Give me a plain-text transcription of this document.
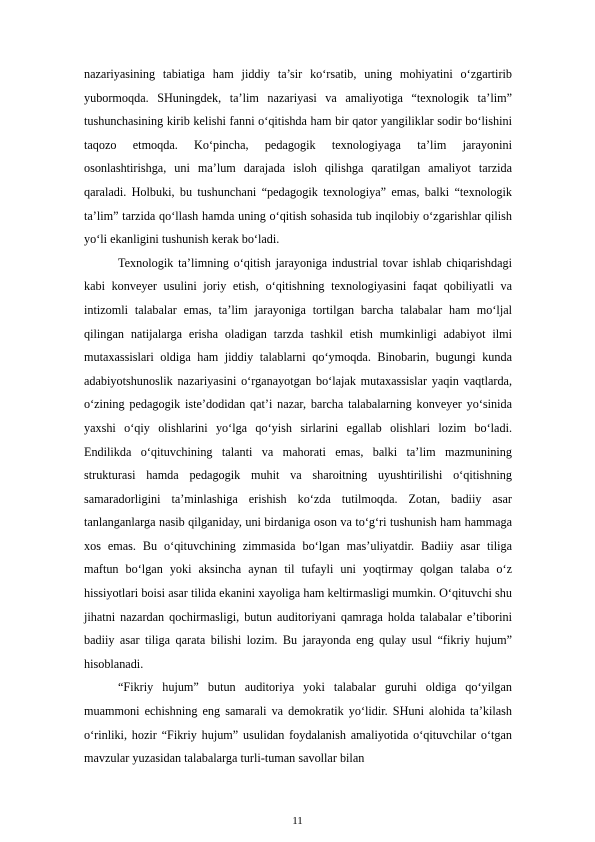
nazariyasining tabiatiga ham jiddiy ta’sir ko‘rsatib, uning mohiyatini o‘zgartirib yubormoqda. SHuningdek, ta’lim nazariyasi va amaliyotiga “texnologik ta’lim” tushunchasining kirib kelishi fanni o‘qitishda ham bir qator yangiliklar sodir bo‘lishini taqozo etmoqda. Ko‘pincha, pedagogik texnologiyaga ta’lim jarayonini osonlashtirishga, uni ma’lum darajada isloh qilishga qaratilgan amaliyot tarzida qaraladi. Holbuki, bu tushunchani “pedagogik texnologiya” emas, balki “texnologik ta’lim” tarzida qo‘llash hamda uning o‘qitish sohasida tub inqilobiy o‘zgarishlar qilish yo‘li ekanligini tushunish kerak bo‘ladi.

Texnologik ta’limning o‘qitish jarayoniga industrial tovar ishlab chiqarishdagi kabi konveyer usulini joriy etish, o‘qitishning texnologiyasini faqat qobiliyatli va intizomli talabalar emas, ta’lim jarayoniga tortilgan barcha talabalar ham mo‘ljal qilingan natijalarga erisha oladigan tarzda tashkil etish mumkinligi adabiyot ilmi mutaxassislari oldiga ham jiddiy talablarni qo‘ymoqda. Binobarin, bugungi kunda adabiyotshunoslik nazariyasini o‘rganayotgan bo‘lajak mutaxassislar yaqin vaqtlarda, o‘zining pedagogik iste’dodidan qat’i nazar, barcha talabalarning konveyer yo‘sinida yaxshi o‘qiy olishlarini yo‘lga qo‘yish sirlarini egallab olishlari lozim bo‘ladi. Endilikda o‘qituvchining talanti va mahorati emas, balki ta’lim mazmunining strukturasi hamda pedagogik muhit va sharoitning uyushtirilishi o‘qitishning samaradorligini ta’minlashiga erishish ko‘zda tutilmoqda. Zotan, badiiy asar tanlanganlarga nasib qilganiday, uni birdaniga oson va to‘g‘ri tushunish ham hammaga xos emas. Bu o‘qituvchining zimmasida bo‘lgan mas’uliyatdir. Badiiy asar tiliga maftun bo‘lgan yoki aksincha aynan til tufayli uni yoqtirmay qolgan talaba o‘z hissiyotlari boisi asar tilida ekanini xayoliga ham keltirmasligi mumkin. O‘qituvchi shu jihatni nazardan qochirmasligi, butun auditoriyani qamraga holda talabalar e’tiborini badiiy asar tiliga qarata bilishi lozim. Bu jarayonda eng qulay usul “fikriy hujum” hisoblanadi.

“Fikriy hujum” butun auditoriya yoki talabalar guruhi oldiga qo‘yilgan muammoni echishning eng samarali va demokratik yo‘lidir. SHuni alohida ta’kilash o‘rinliki, hozir “Fikriy hujum” usulidan foydalanish amaliyotida o‘qituvchilar o‘tgan mavzular yuzasidan talabalarga turli-tuman savollar bilan

11
